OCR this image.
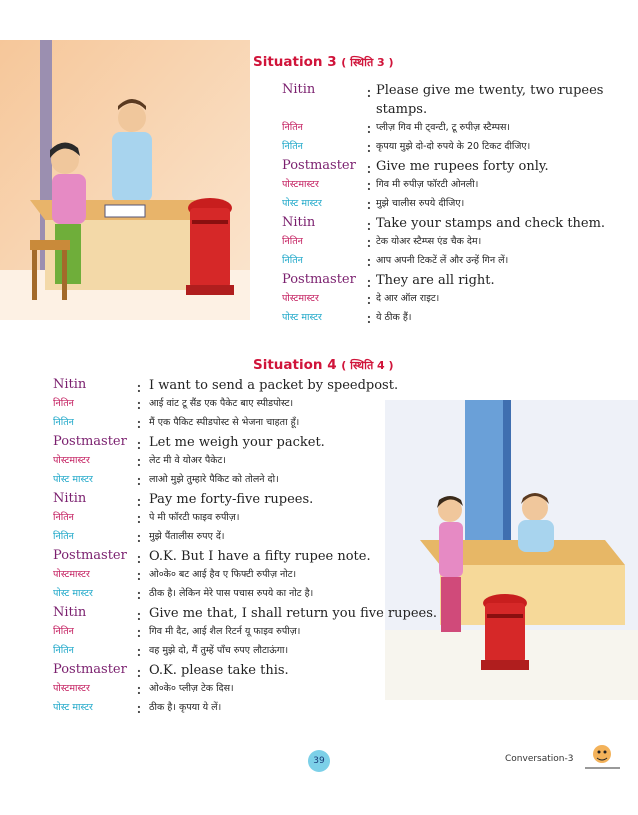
Situation 3 ( स्थिति 3 )
Nitin	: Please give me twenty, two rupees
stamps.
नितिन	: प्लीज़ गिव मी ट्वन्टी, टू रुपीज़ स्टैम्पस।
नितिन	: कृपया मुझे दो-दो रुपये के 20 टिकट दीजिए।
Postmaster : Give me rupees forty only.
पोस्टमास्टर	: गिव मी रुपीज़ फॉरटी ओनली।
पोस्ट मास्टर	: मुझे चालीस रुपये दीजिए।
Nitin	: Take your stamps and check them.
नितिन	: टेक योअर स्टैम्प्स एंड चैक देम।
नितिन	: आप अपनी टिकटें लें और उन्हें गिन लें।
Postmaster : They are all right.
पोस्टमास्टर	: दे आर ऑल राइट।
पोस्ट मास्टर	: ये ठीक हैं।
Situation 4 ( स्थिति 4 )
Nitin	: I want to send a packet by speedpost.
नितिन	: आई वांट टू सैंड एक पैकेट बाए स्पीडपोस्ट।
नितिन	: मैं एक पैकिट स्पीडपोस्ट से भेजना चाहता हूँ।
Postmaster : Let me weigh your packet.
पोस्टमास्टर	: लेट मी वे योअर पैकेट।
पोस्ट मास्टर	: लाओ मुझे तुम्हारे पैकिट को तोलने दो।
Nitin	: Pay me forty-five rupees.
नितिन	: पे मी फॉरटी फाइव रुपीज़।
नितिन	: मुझे पैंतालीस रुपए दें।
Postmaster : O.K. But I have a fifty rupee note.
पोस्टमास्टर	: ओ०के० बट आई हैव ए फिफ्टी रुपीज़ नोट।
पोस्ट मास्टर	: ठीक है। लेकिन मेरे पास पचास रुपये का नोट है।
Nitin	: Give me that, I shall return you five rupees.
नितिन	: गिव मी दैट, आई शैल रिटर्न यू फाइव रुपीज़।
नितिन	: वह मुझे दो, मैं तुम्हें पाँच रुपए लौटाऊंगा।
Postmaster : O.K. please take this.
पोस्टमास्टर	: ओ०के० प्लीज़ टेक दिस।
पोस्ट मास्टर	: ठीक है। कृपया ये लें।
39	Conversation-3
